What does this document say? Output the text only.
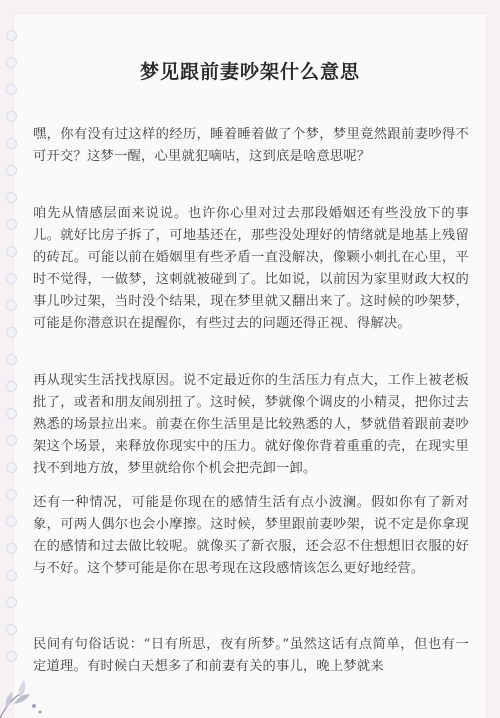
梦见跟前妻吵架什么意思
嘿，你有没有过这样的经历，睡着睡着做了个梦，梦里竟然跟前妻吵得不可开交？这梦一醒，心里就犯嘀咕，这到底是啥意思呢？
咱先从情感层面来说说。也许你心里对过去那段婚姻还有些没放下的事儿。就好比房子拆了，可地基还在，那些没处理好的情绪就是地基上残留的砖瓦。可能以前在婚姻里有些矛盾一直没解决，像颗小刺扎在心里，平时不觉得，一做梦，这刺就被碰到了。比如说，以前因为家里财政大权的事儿吵过架，当时没个结果，现在梦里就又翻出来了。这时候的吵架梦，可能是你潜意识在提醒你，有些过去的问题还得正视、得解决。
再从现实生活找找原因。说不定最近你的生活压力有点大，工作上被老板批了，或者和朋友闹别扭了。这时候，梦就像个调皮的小精灵，把你过去熟悉的场景拉出来。前妻在你生活里是比较熟悉的人，梦就借着跟前妻吵架这个场景，来释放你现实中的压力。就好像你背着重重的壳，在现实里找不到地方放，梦里就给你个机会把壳卸一卸。
还有一种情况，可能是你现在的感情生活有点小波澜。假如你有了新对象，可两人偶尔也会小摩擦。这时候，梦里跟前妻吵架，说不定是你拿现在的感情和过去做比较呢。就像买了新衣服，还会忍不住想想旧衣服的好与不好。这个梦可能是你在思考现在这段感情该怎么更好地经营。
民间有句俗话说：“日有所思，夜有所梦。”虽然这话有点简单，但也有一定道理。有时候白天想多了和前妻有关的事儿，晚上梦就来
